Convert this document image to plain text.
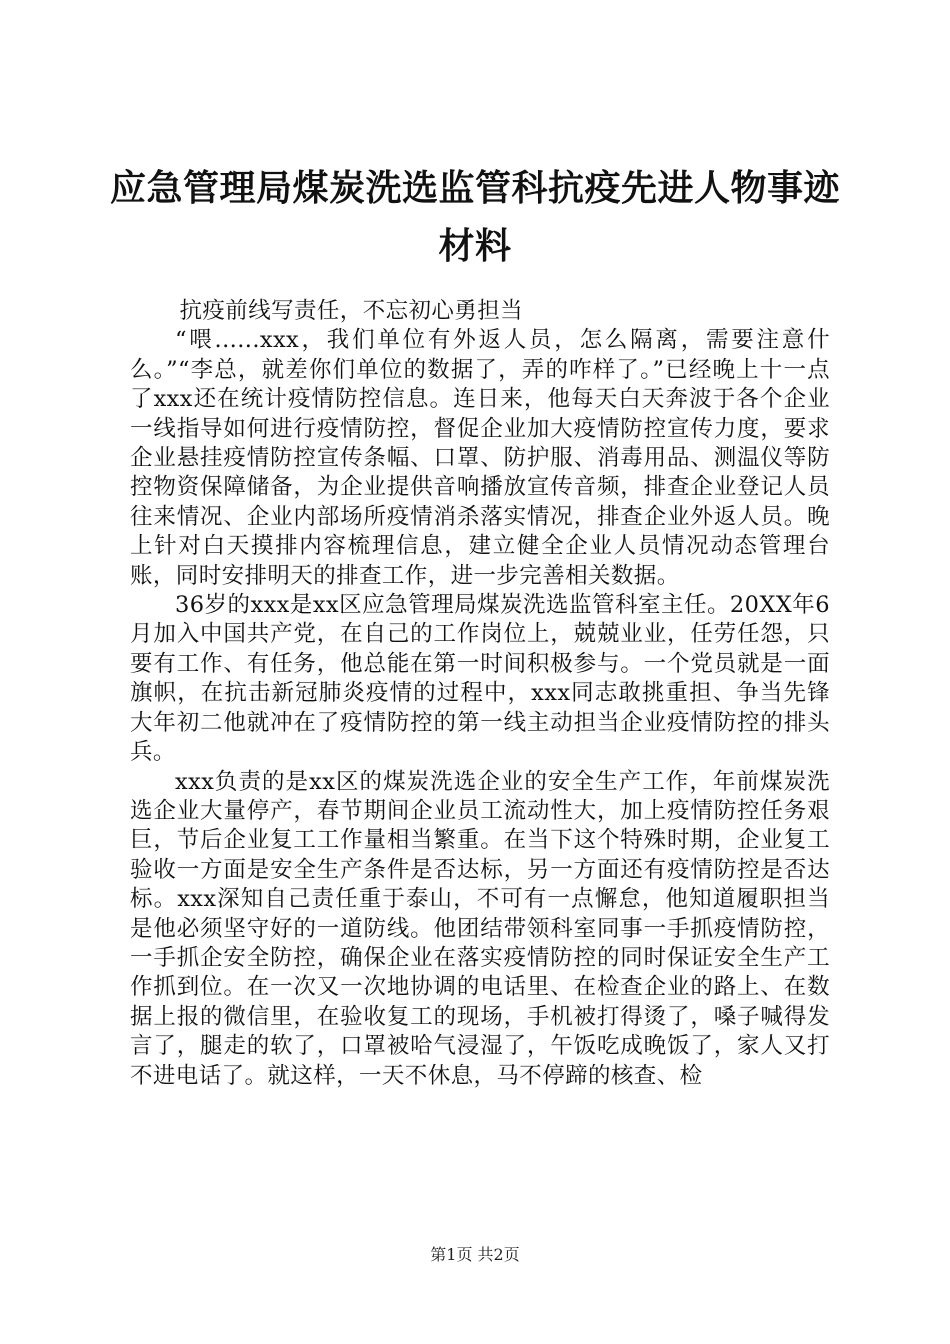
应急管理局煤炭洗选监管科抗疫先进人物事迹材料

抗疫前线写责任，不忘初心勇担当

“喂......xxx，我们单位有外返人员，怎么隔离，需要注意什么。”“李总，就差你们单位的数据了，弄的咋样了。”已经晚上十一点了xxx还在统计疫情防控信息。连日来，他每天白天奔波于各个企业一线指导如何进行疫情防控，督促企业加大疫情防控宣传力度，要求企业悬挂疫情防控宣传条幅、口罩、防护服、消毒用品、测温仪等防控物资保障储备，为企业提供音响播放宣传音频，排查企业登记人员往来情况、企业内部场所疫情消杀落实情况，排查企业外返人员。晚上针对白天摸排内容梳理信息，建立健全企业人员情况动态管理台账，同时安排明天的排查工作，进一步完善相关数据。

36岁的xxx是xx区应急管理局煤炭洗选监管科室主任。20XX年6月加入中国共产党，在自己的工作岗位上，兢兢业业，任劳任怨，只要有工作、有任务，他总能在第一时间积极参与。一个党员就是一面旗帜，在抗击新冠肺炎疫情的过程中，xxx同志敢挑重担、争当先锋大年初二他就冲在了疫情防控的第一线主动担当企业疫情防控的排头兵。

xxx负责的是xx区的煤炭洗选企业的安全生产工作，年前煤炭洗选企业大量停产，春节期间企业员工流动性大，加上疫情防控任务艰巨，节后企业复工工作量相当繁重。在当下这个特殊时期，企业复工验收一方面是安全生产条件是否达标，另一方面还有疫情防控是否达标。xxx深知自己责任重于泰山，不可有一点懈怠，他知道履职担当是他必须坚守好的一道防线。他团结带领科室同事一手抓疫情防控，一手抓企安全防控，确保企业在落实疫情防控的同时保证安全生产工作抓到位。在一次又一次地协调的电话里、在检查企业的路上、在数据上报的微信里，在验收复工的现场，手机被打得烫了，嗓子喊得发言了，腿走的软了，口罩被哈气浸湿了，午饭吃成晚饭了，家人又打不进电话了。就这样，一天不休息，马不停蹄的核查、检

第1页 共2页
